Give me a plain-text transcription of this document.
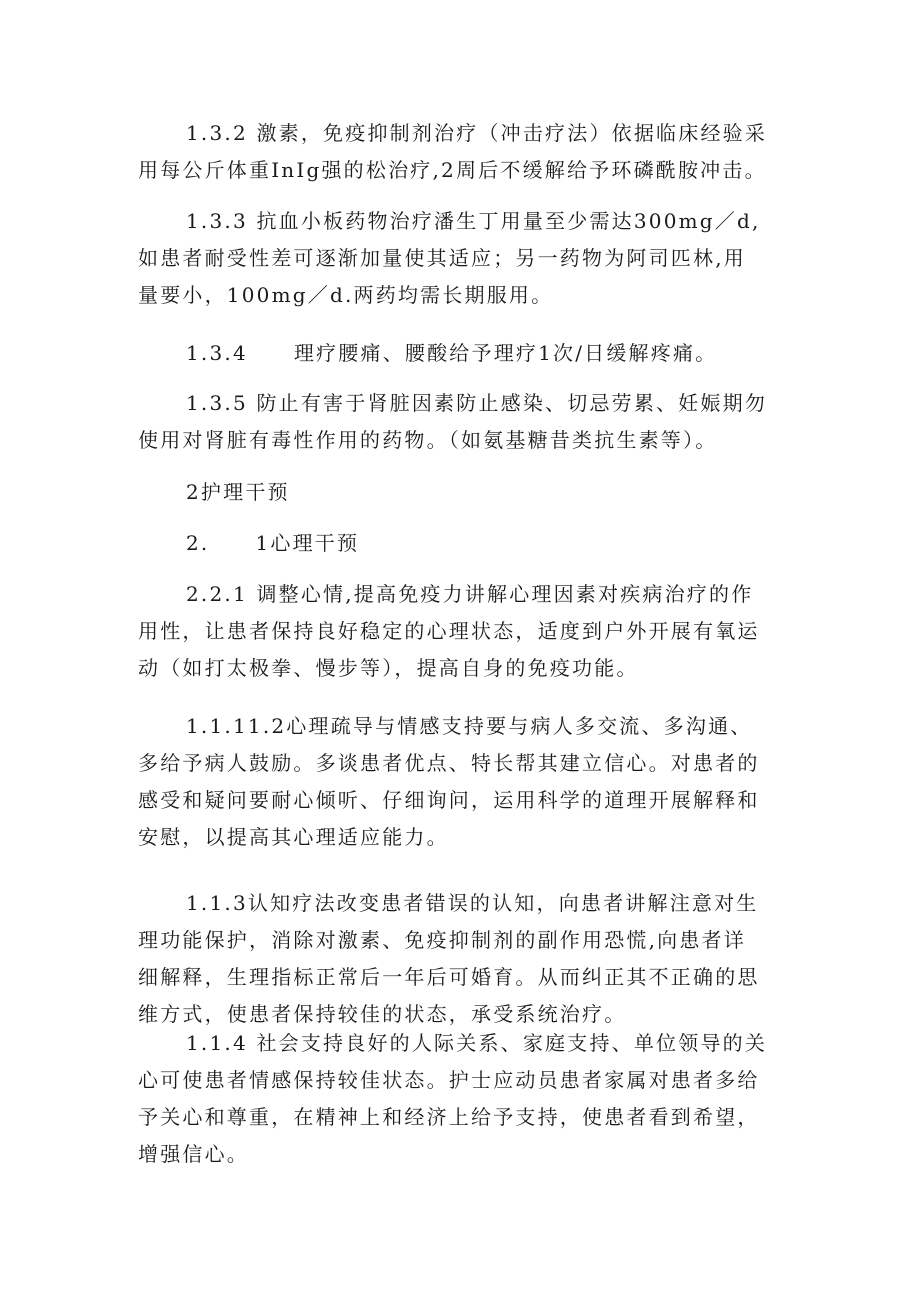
1.3.2 激素，免疫抑制剂治疗（冲击疗法）依据临床经验采
用每公斤体重InIg强的松治疗,2周后不缓解给予环磷酰胺冲击。
1.3.3 抗血小板药物治疗潘生丁用量至少需达300mg／d,
如患者耐受性差可逐渐加量使其适应；另一药物为阿司匹林,用
量要小，100mg／d.两药均需长期服用。
1.3.4 理疗腰痛、腰酸给予理疗1次/日缓解疼痛。
1.3.5 防止有害于肾脏因素防止感染、切忌劳累、妊娠期勿
使用对肾脏有毒性作用的药物。（如氨基糖昔类抗生素等）。
2护理干预
2. 1心理干预
2.2.1 调整心情,提高免疫力讲解心理因素对疾病治疗的作
用性，让患者保持良好稳定的心理状态，适度到户外开展有氧运
动（如打太极拳、慢步等），提高自身的免疫功能。
1.1.11.2心理疏导与情感支持要与病人多交流、多沟通、
多给予病人鼓励。多谈患者优点、特长帮其建立信心。对患者的
感受和疑问要耐心倾听、仔细询问，运用科学的道理开展解释和
安慰，以提高其心理适应能力。
1.1.3认知疗法改变患者错误的认知，向患者讲解注意对生
理功能保护，消除对激素、免疫抑制剂的副作用恐慌,向患者详
细解释，生理指标正常后一年后可婚育。从而纠正其不正确的思
维方式，使患者保持较佳的状态，承受系统治疗。
1.1.4 社会支持良好的人际关系、家庭支持、单位领导的关
心可使患者情感保持较佳状态。护士应动员患者家属对患者多给
予关心和尊重，在精神上和经济上给予支持，使患者看到希望，
增强信心。
